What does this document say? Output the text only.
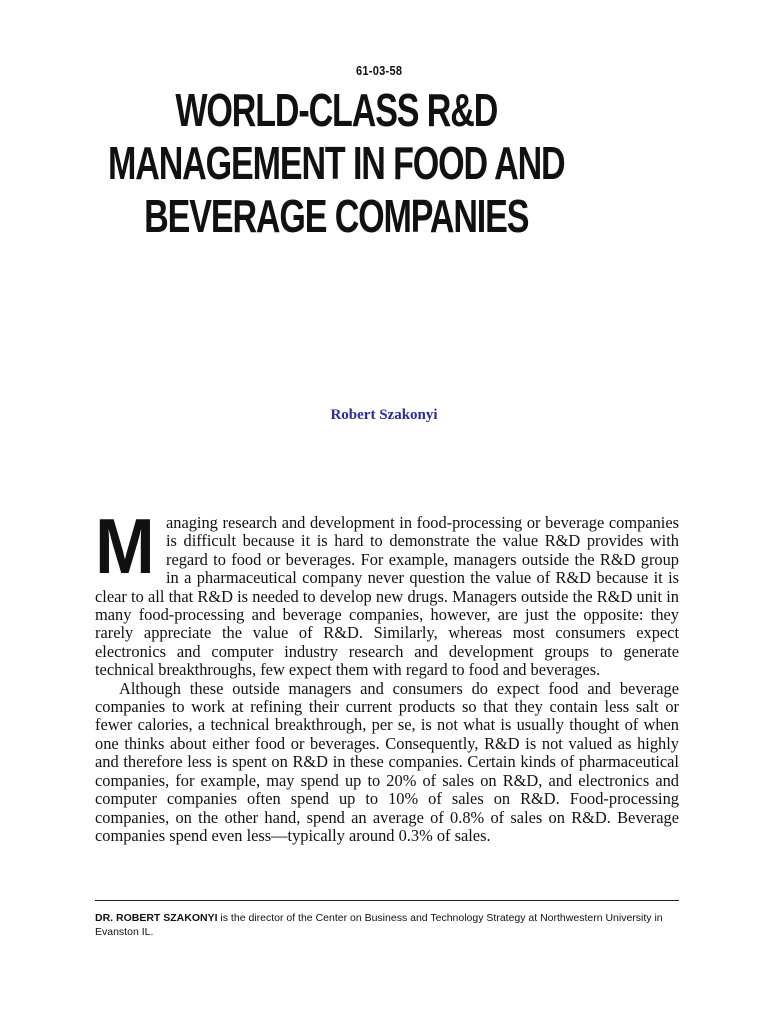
61-03-58
WORLD-CLASS R&D
MANAGEMENT IN FOOD AND
BEVERAGE COMPANIES
Robert Szakonyi

Managing research and development in food-processing or beverage companies is difficult because it is hard to demonstrate the value R&D provides with regard to food or beverages. For example, managers outside the R&D group in a pharmaceutical company never question the value of R&D because it is clear to all that R&D is needed to develop new drugs. Managers outside the R&D unit in many food-processing and beverage companies, however, are just the opposite: they rarely appreciate the value of R&D. Similarly, whereas most consumers expect electronics and computer industry research and development groups to generate technical breakthroughs, few expect them with regard to food and beverages.

Although these outside managers and consumers do expect food and beverage companies to work at refining their current products so that they contain less salt or fewer calories, a technical breakthrough, per se, is not what is usually thought of when one thinks about either food or beverages. Consequently, R&D is not valued as highly and therefore less is spent on R&D in these companies. Certain kinds of pharmaceutical companies, for example, may spend up to 20% of sales on R&D, and electronics and computer companies often spend up to 10% of sales on R&D. Food-processing companies, on the other hand, spend an average of 0.8% of sales on R&D. Beverage companies spend even less—typically around 0.3% of sales.

DR. ROBERT SZAKONYI is the director of the Center on Business and Technology Strategy at Northwestern University in Evanston IL.
